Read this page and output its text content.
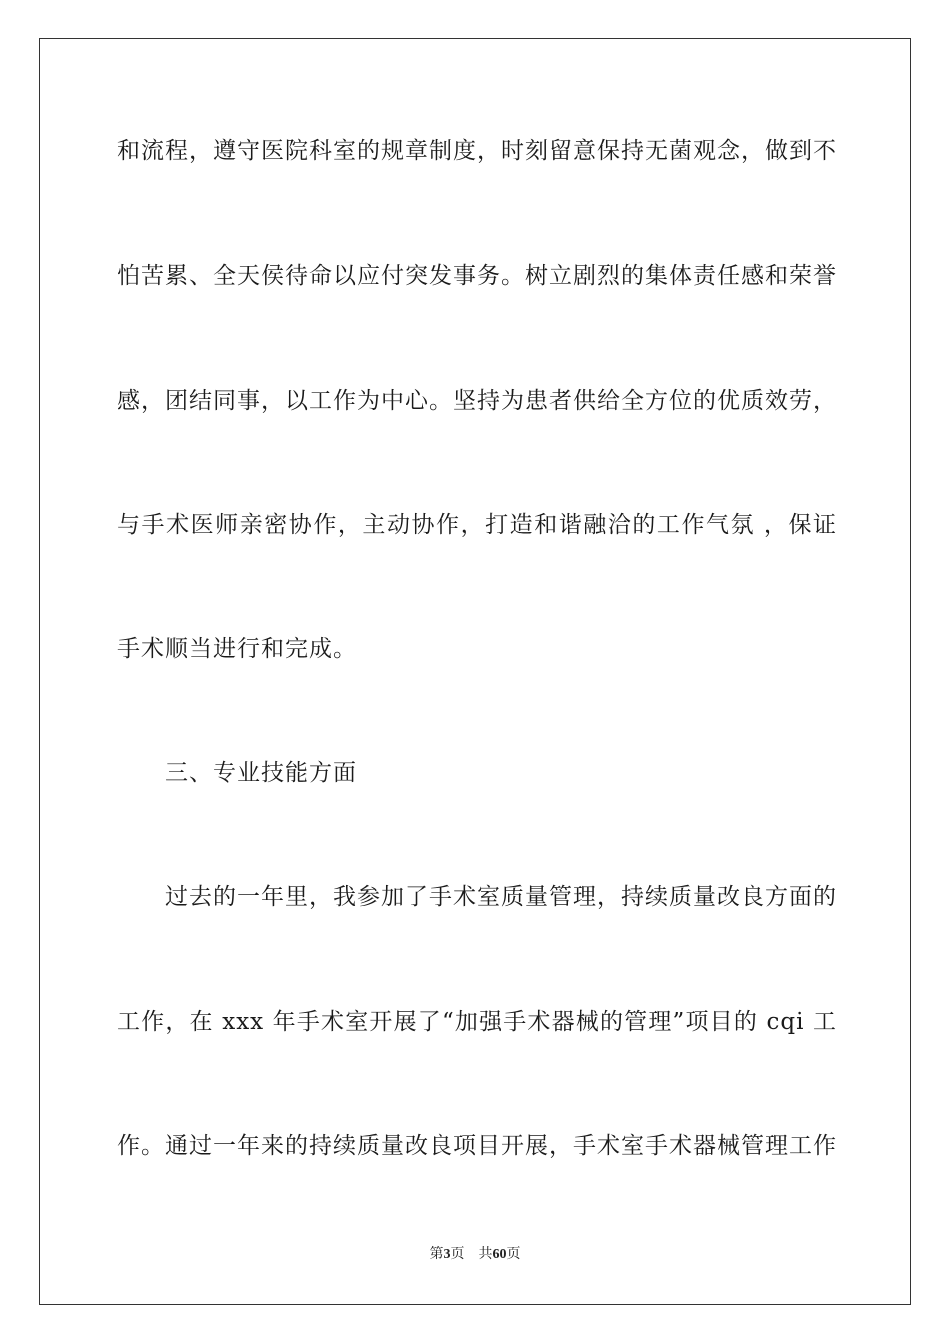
和流程，遵守医院科室的规章制度，时刻留意保持无菌观念，做到不
怕苦累、全天侯待命以应付突发事务。树立剧烈的集体责任感和荣誉
感，团结同事，以工作为中心。坚持为患者供给全方位的优质效劳，
与手术医师亲密协作，主动协作，打造和谐融洽的工作气氛 ，保证
手术顺当进行和完成。
三、专业技能方面
过去的一年里，我参加了手术室质量管理，持续质量改良方面的
工作，在 xxx 年手术室开展了“加强手术器械的管理”项目的 cqi 工
作。通过一年来的持续质量改良项目开展，手术室手术器械管理工作
第3页 共60页
